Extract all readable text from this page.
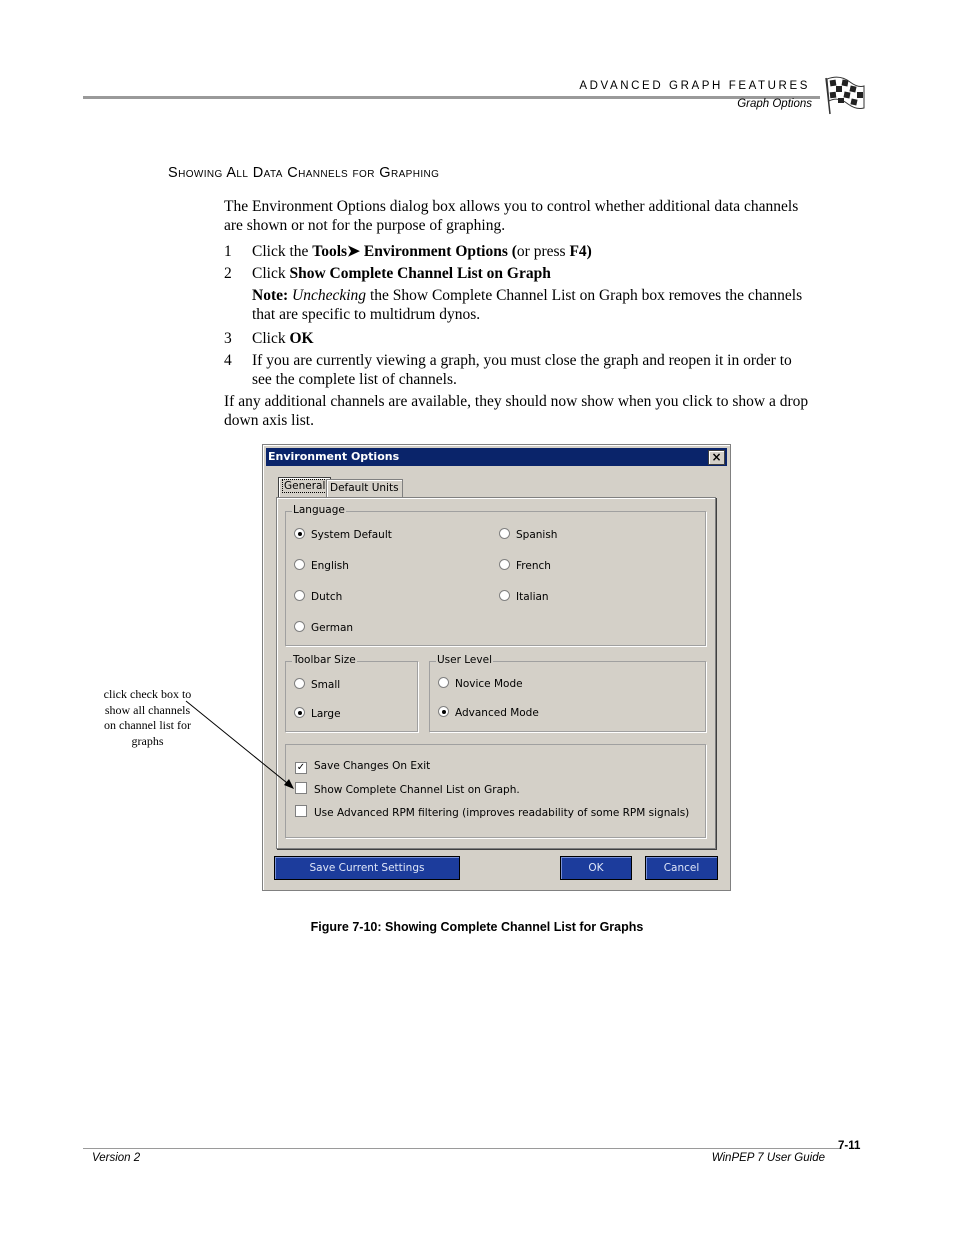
ADVANCED GRAPH FEATURES
Graph Options
Showing All Data Channels for Graphing
The Environment Options dialog box allows you to control whether additional data channels are shown or not for the purpose of graphing.
1	Click the Tools➤ Environment Options (or press F4)
2	Click Show Complete Channel List on Graph
Note: Unchecking the Show Complete Channel List on Graph box removes the channels that are specific to multidrum dynos.
3	Click OK
4	If you are currently viewing a graph, you must close the graph and reopen it in order to see the complete list of channels.
If any additional channels are available, they should now show when you click to show a drop down axis list.
Environment Options	×
General Default Units
Language
System Default	Spanish
English	French
Dutch	Italian
German
Toolbar Size
Small
Large
User Level
Novice Mode
Advanced Mode
✓ Save Changes On Exit
Show Complete Channel List on Graph.
Use Advanced RPM filtering (improves readability of some RPM signals)
Save Current Settings	OK	Cancel
click check box to show all channels on channel list for graphs
Figure 7-10: Showing Complete Channel List for Graphs
7-11
Version 2	WinPEP 7 User Guide
